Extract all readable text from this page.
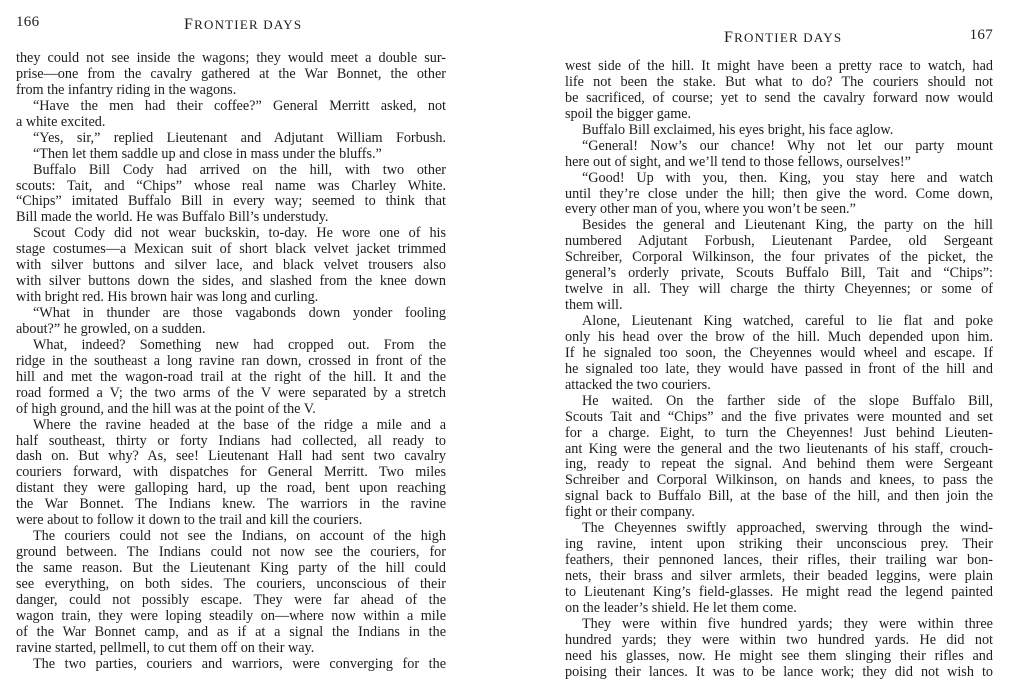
166	FRONTIER DAYS
they could not see inside the wagons; they would meet a double sur-
prise—one from the cavalry gathered at the War Bonnet, the other
from the infantry riding in the wagons.
“Have the men had their coffee?” General Merritt asked, not
a white excited.
“Yes, sir,” replied Lieutenant and Adjutant William Forbush.
“Then let them saddle up and close in mass under the bluffs.”
Buffalo Bill Cody had arrived on the hill, with two other
scouts: Tait, and “Chips” whose real name was Charley White.
“Chips” imitated Buffalo Bill in every way; seemed to think that
Bill made the world. He was Buffalo Bill’s understudy.
Scout Cody did not wear buckskin, to-day. He wore one of his
stage costumes—a Mexican suit of short black velvet jacket trimmed
with silver buttons and silver lace, and black velvet trousers also
with silver buttons down the sides, and slashed from the knee down
with bright red. His brown hair was long and curling.
“What in thunder are those vagabonds down yonder fooling
about?” he growled, on a sudden.
What, indeed? Something new had cropped out. From the
ridge in the southeast a long ravine ran down, crossed in front of the
hill and met the wagon-road trail at the right of the hill. It and the
road formed a V; the two arms of the V were separated by a stretch
of high ground, and the hill was at the point of the V.
Where the ravine headed at the base of the ridge a mile and a
half southeast, thirty or forty Indians had collected, all ready to
dash on. But why? As, see! Lieutenant Hall had sent two cavalry
couriers forward, with dispatches for General Merritt. Two miles
distant they were galloping hard, up the road, bent upon reaching
the War Bonnet. The Indians knew. The warriors in the ravine
were about to follow it down to the trail and kill the couriers.
The couriers could not see the Indians, on account of the high
ground between. The Indians could not now see the couriers, for
the same reason. But the Lieutenant King party of the hill could
see everything, on both sides. The couriers, unconscious of their
danger, could not possibly escape. They were far ahead of the
wagon train, they were loping steadily on—where now within a mile
of the War Bonnet camp, and as if at a signal the Indians in the
ravine started, pellmell, to cut them off on their way.
The two parties, couriers and warriors, were converging for the
FRONTIER DAYS	167
west side of the hill. It might have been a pretty race to watch, had
life not been the stake. But what to do? The couriers should not
be sacrificed, of course; yet to send the cavalry forward now would
spoil the bigger game.
Buffalo Bill exclaimed, his eyes bright, his face aglow.
“General! Now’s our chance! Why not let our party mount
here out of sight, and we’ll tend to those fellows, ourselves!”
“Good! Up with you, then. King, you stay here and watch
until they’re close under the hill; then give the word. Come down,
every other man of you, where you won’t be seen.”
Besides the general and Lieutenant King, the party on the hill
numbered Adjutant Forbush, Lieutenant Pardee, old Sergeant
Schreiber, Corporal Wilkinson, the four privates of the picket, the
general’s orderly private, Scouts Buffalo Bill, Tait and “Chips”:
twelve in all. They will charge the thirty Cheyennes; or some of
them will.
Alone, Lieutenant King watched, careful to lie flat and poke
only his head over the brow of the hill. Much depended upon him.
If he signaled too soon, the Cheyennes would wheel and escape. If
he signaled too late, they would have passed in front of the hill and
attacked the two couriers.
He waited. On the farther side of the slope Buffalo Bill,
Scouts Tait and “Chips” and the five privates were mounted and set
for a charge. Eight, to turn the Cheyennes! Just behind Lieuten-
ant King were the general and the two lieutenants of his staff, crouch-
ing, ready to repeat the signal. And behind them were Sergeant
Schreiber and Corporal Wilkinson, on hands and knees, to pass the
signal back to Buffalo Bill, at the base of the hill, and then join the
fight or their company.
The Cheyennes swiftly approached, swerving through the wind-
ing ravine, intent upon striking their unconscious prey. Their
feathers, their pennoned lances, their rifles, their trailing war bon-
nets, their brass and silver armlets, their beaded leggins, were plain
to Lieutenant King’s field-glasses. He might read the legend painted
on the leader’s shield. He let them come.
They were within five hundred yards; they were within three
hundred yards; they were within two hundred yards. He did not
need his glasses, now. He might see them slinging their rifles and
poising their lances. It was to be lance work; they did not wish to
